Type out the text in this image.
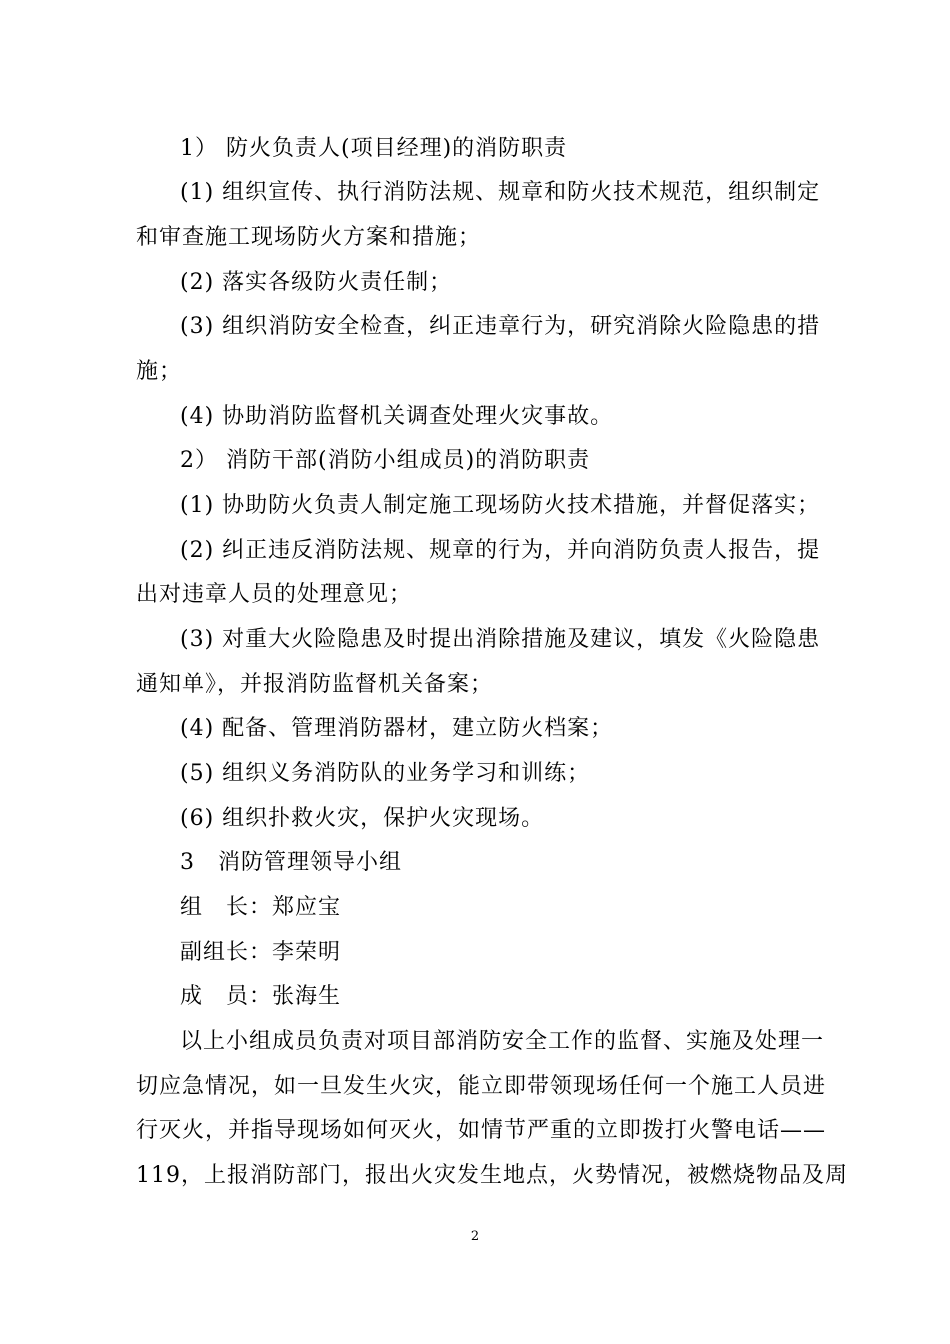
1） 防火负责人(项目经理)的消防职责
(1) 组织宣传、执行消防法规、规章和防火技术规范，组织制定
和审查施工现场防火方案和措施；
(2) 落实各级防火责任制；
(3) 组织消防安全检查，纠正违章行为，研究消除火险隐患的措
施；
(4) 协助消防监督机关调查处理火灾事故。
2） 消防干部(消防小组成员)的消防职责
(1) 协助防火负责人制定施工现场防火技术措施，并督促落实；
(2) 纠正违反消防法规、规章的行为，并向消防负责人报告，提
出对违章人员的处理意见；
(3) 对重大火险隐患及时提出消除措施及建议，填发《火险隐患
通知单》，并报消防监督机关备案；
(4) 配备、管理消防器材，建立防火档案；
(5) 组织义务消防队的业务学习和训练；
(6) 组织扑救火灾，保护火灾现场。
3　消防管理领导小组
组　长：郑应宝
副组长：李荣明
成　员：张海生
以上小组成员负责对项目部消防安全工作的监督、实施及处理一
切应急情况，如一旦发生火灾，能立即带领现场任何一个施工人员进
行灭火，并指导现场如何灭火，如情节严重的立即拨打火警电话——
119，上报消防部门，报出火灾发生地点，火势情况，被燃烧物品及周
2
